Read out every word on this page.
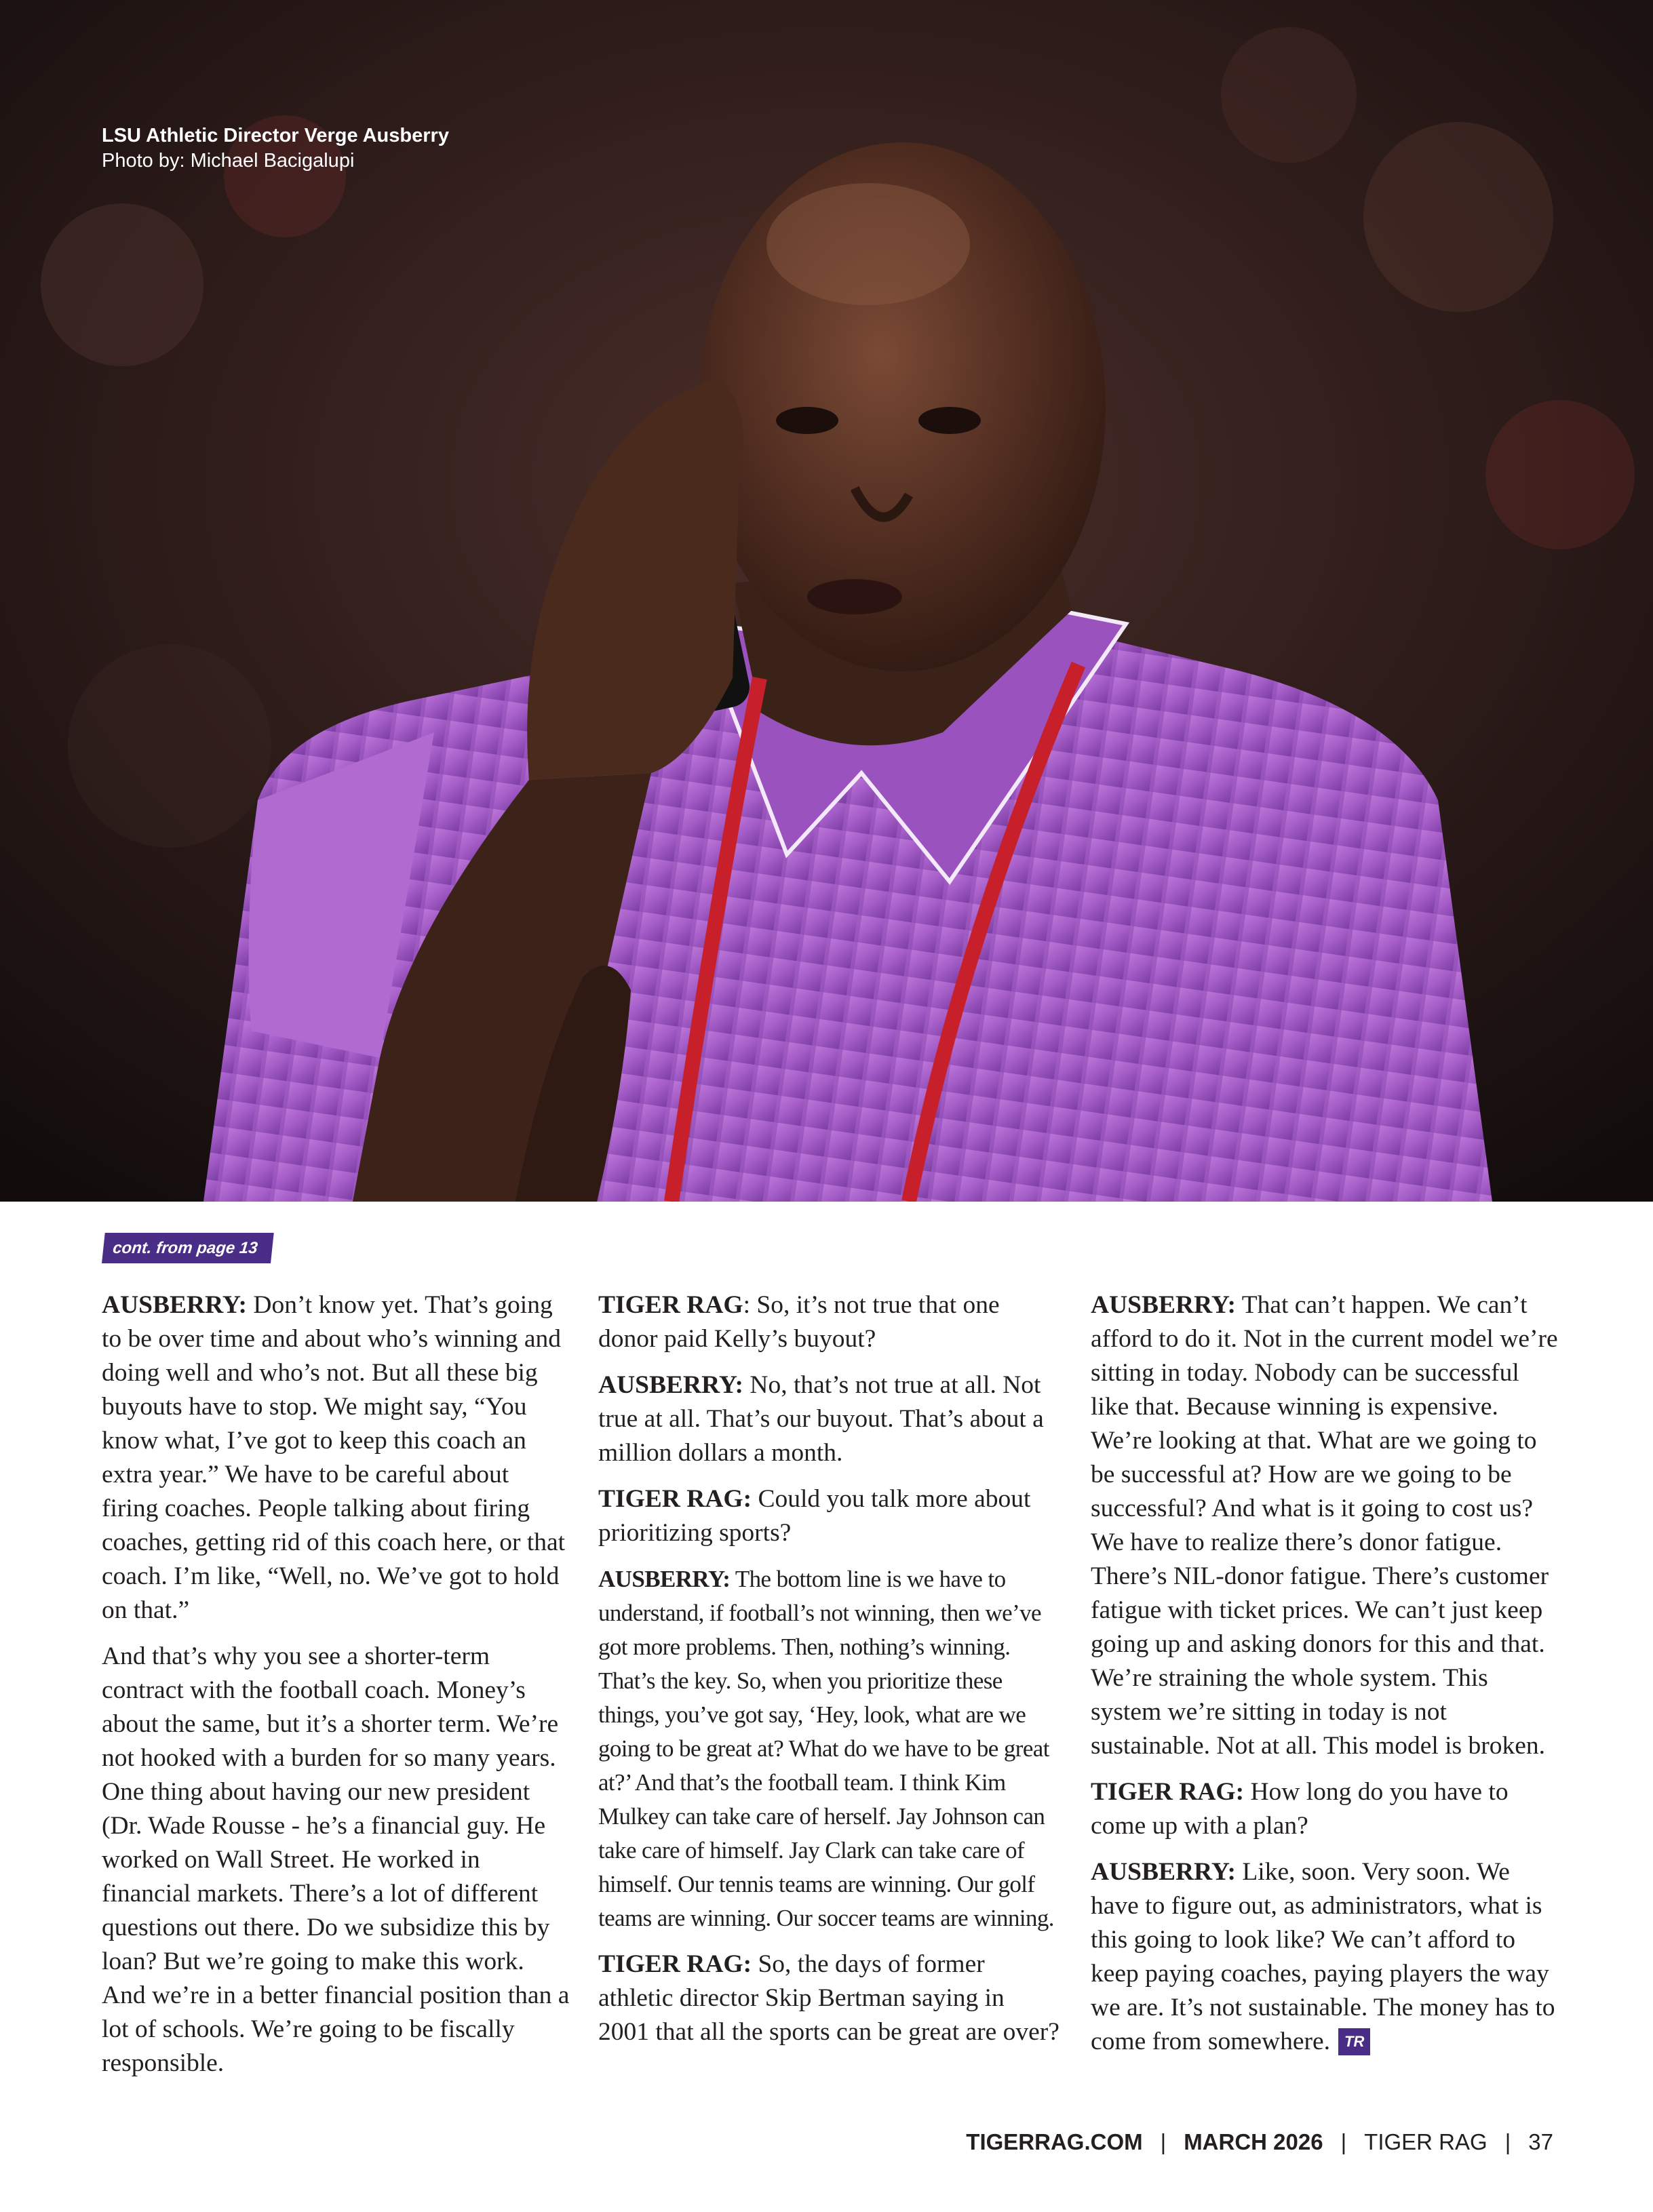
LSU Athletic Director Verge Ausberry
Photo by: Michael Bacigalupi
cont. from page 13

AUSBERRY: Don’t know yet. That’s going to be over time and about who’s winning and doing well and who’s not. But all these big buyouts have to stop. We might say, “You know what, I’ve got to keep this coach an extra year.” We have to be careful about firing coaches. People talking about firing coaches, getting rid of this coach here, or that coach. I’m like, “Well, no. We’ve got to hold on that.”

And that’s why you see a shorter-term contract with the football coach. Money’s about the same, but it’s a shorter term. We’re not hooked with a burden for so many years. One thing about having our new president (Dr. Wade Rousse - he’s a financial guy. He worked on Wall Street. He worked in financial markets. There’s a lot of different questions out there. Do we subsidize this by loan? But we’re going to make this work. And we’re in a better financial position than a lot of schools. We’re going to be fiscally responsible.

TIGER RAG: So, it’s not true that one donor paid Kelly’s buyout?

AUSBERRY: No, that’s not true at all. Not true at all. That’s our buyout. That’s about a million dollars a month.

TIGER RAG: Could you talk more about prioritizing sports?

AUSBERRY: The bottom line is we have to understand, if football’s not winning, then we’ve got more problems. Then, nothing’s winning. That’s the key. So, when you prioritize these things, you’ve got say, ‘Hey, look, what are we going to be great at? What do we have to be great at?’ And that’s the football team. I think Kim Mulkey can take care of herself. Jay Johnson can take care of himself. Jay Clark can take care of himself. Our tennis teams are winning. Our golf teams are winning. Our soccer teams are winning.

TIGER RAG: So, the days of former athletic director Skip Bertman saying in 2001 that all the sports can be great are over?

AUSBERRY: That can’t happen. We can’t afford to do it. Not in the current model we’re sitting in today. Nobody can be successful like that. Because winning is expensive. We’re looking at that. What are we going to be successful at? How are we going to be successful? And what is it going to cost us? We have to realize there’s donor fatigue. There’s NIL-donor fatigue. There’s customer fatigue with ticket prices. We can’t just keep going up and asking donors for this and that. We’re straining the whole system. This system we’re sitting in today is not sustainable. Not at all. This model is broken.

TIGER RAG: How long do you have to come up with a plan?

AUSBERRY: Like, soon. Very soon. We have to figure out, as administrators, what is this going to look like? We can’t afford to keep paying coaches, paying players the way we are. It’s not sustainable. The money has to come from somewhere. TR

TIGERRAG.COM | MARCH 2026 | TIGER RAG | 37
